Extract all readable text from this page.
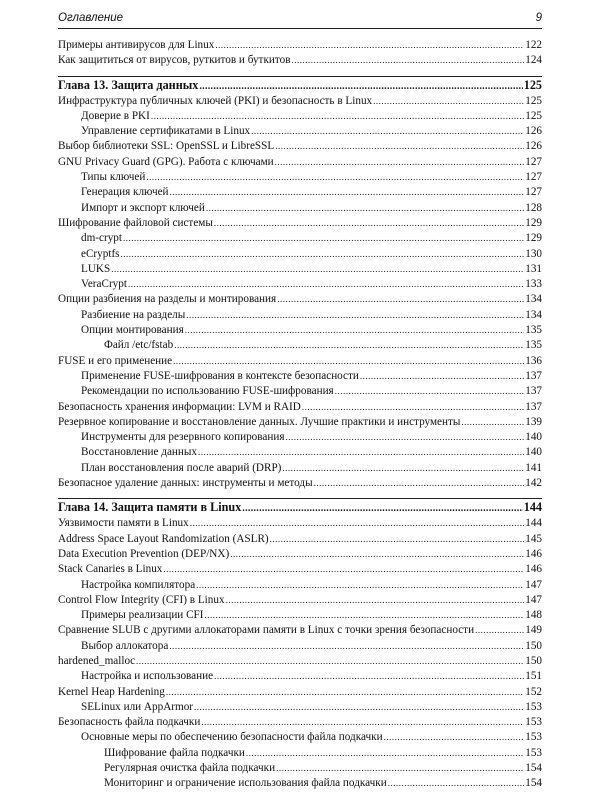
Оглавление	9
Примеры антивирусов для Linux .....	122
Как защититься от вирусов, руткитов и буткитов .....	124
Глава 13. Защита данных .....	125
Инфраструктура публичных ключей (PKI) и безопасность в Linux .....	125
Доверие в PKI .....	125
Управление сертификатами в Linux .....	126
Выбор библиотеки SSL: OpenSSL и LibreSSL .....	126
GNU Privacy Guard (GPG). Работа с ключами .....	127
Типы ключей .....	127
Генерация ключей .....	127
Импорт и экспорт ключей .....	128
Шифрование файловой системы .....	129
dm-crypt .....	129
eCryptfs .....	130
LUKS .....	131
VeraCrypt .....	133
Опции разбиения на разделы и монтирования .....	134
Разбиение на разделы .....	134
Опции монтирования .....	135
Файл /etc/fstab .....	135
FUSE и его применение .....	136
Применение FUSE-шифрования в контексте безопасности .....	137
Рекомендации по использованию FUSE-шифрования .....	137
Безопасность хранения информации: LVM и RAID .....	137
Резервное копирование и восстановление данных. Лучшие практики и инструменты .....	139
Инструменты для резервного копирования .....	140
Восстановление данных .....	140
План восстановления после аварий (DRP) .....	141
Безопасное удаление данных: инструменты и методы .....	142
Глава 14. Защита памяти в Linux .....	144
Уязвимости памяти в Linux .....	144
Address Space Layout Randomization (ASLR) .....	145
Data Execution Prevention (DEP/NX) .....	146
Stack Canaries в Linux .....	146
Настройка компилятора .....	147
Control Flow Integrity (CFI) в Linux .....	147
Примеры реализации CFI .....	148
Сравнение SLUB с другими аллокаторами памяти в Linux с точки зрения безопасности .....	149
Выбор аллокатора .....	150
hardened_malloc .....	150
Настройка и использование .....	151
Kernel Heap Hardening .....	152
SELinux или AppArmor .....	153
Безопасность файла подкачки .....	153
Основные меры по обеспечению безопасности файла подкачки .....	153
Шифрование файла подкачки .....	153
Регулярная очистка файла подкачки .....	154
Мониторинг и ограничение использования файла подкачки .....	154
